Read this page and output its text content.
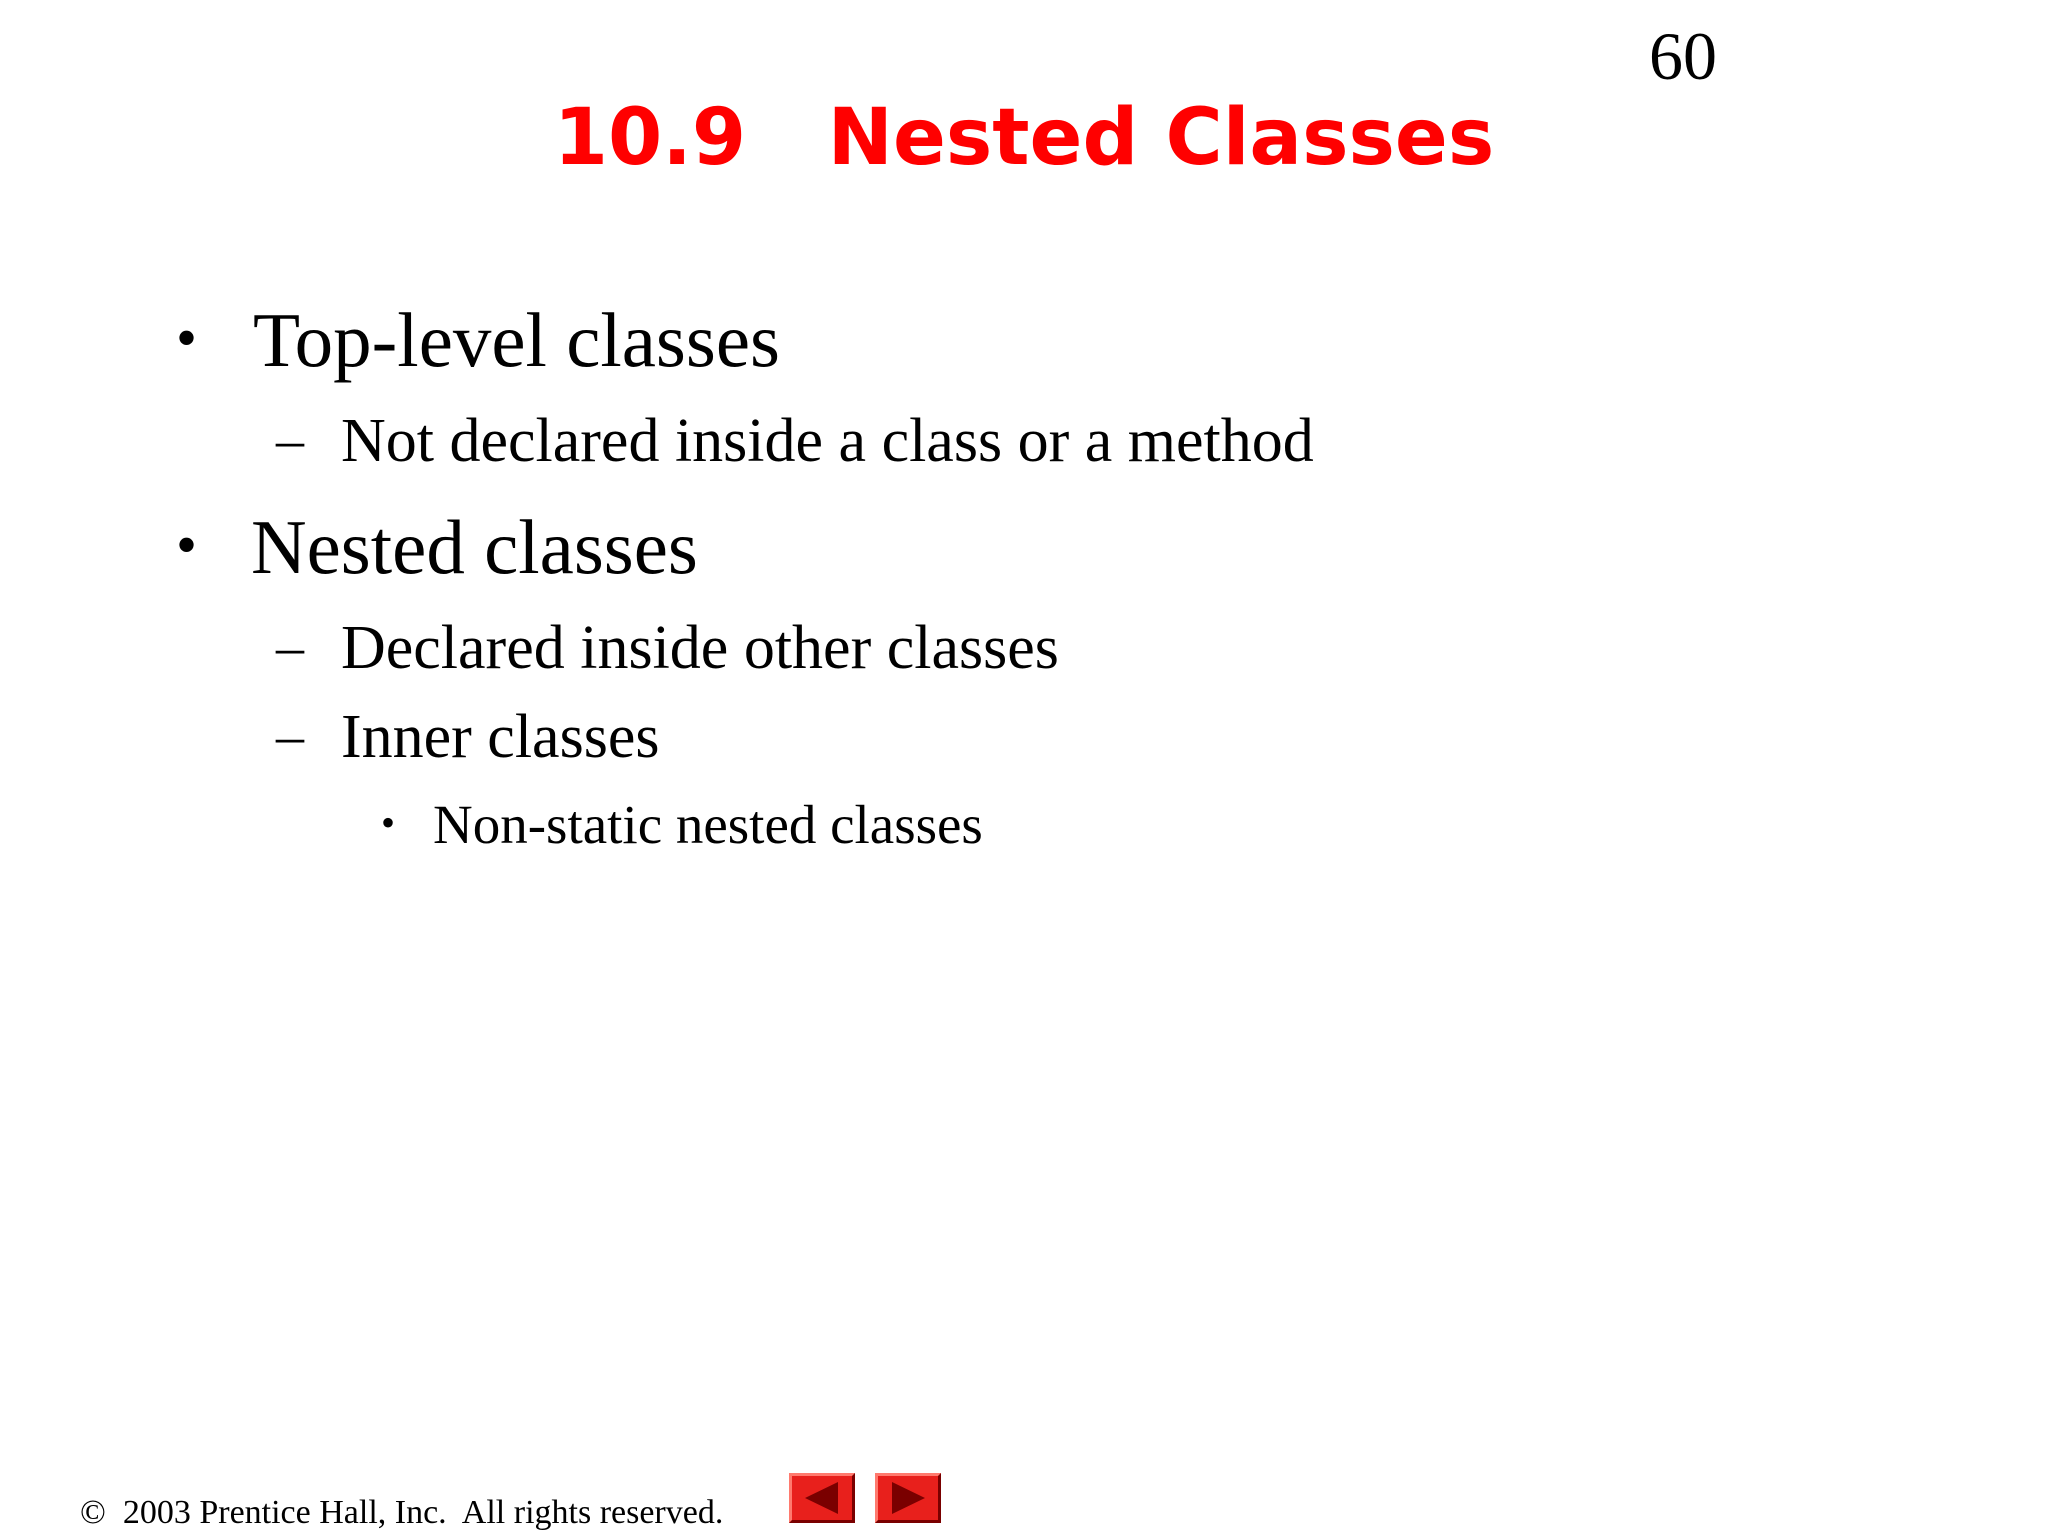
60
10.9   Nested Classes
• Top-level classes
– Not declared inside a class or a method
• Nested classes
– Declared inside other classes
– Inner classes
• Non-static nested classes
©  2003 Prentice Hall, Inc.  All rights reserved.
